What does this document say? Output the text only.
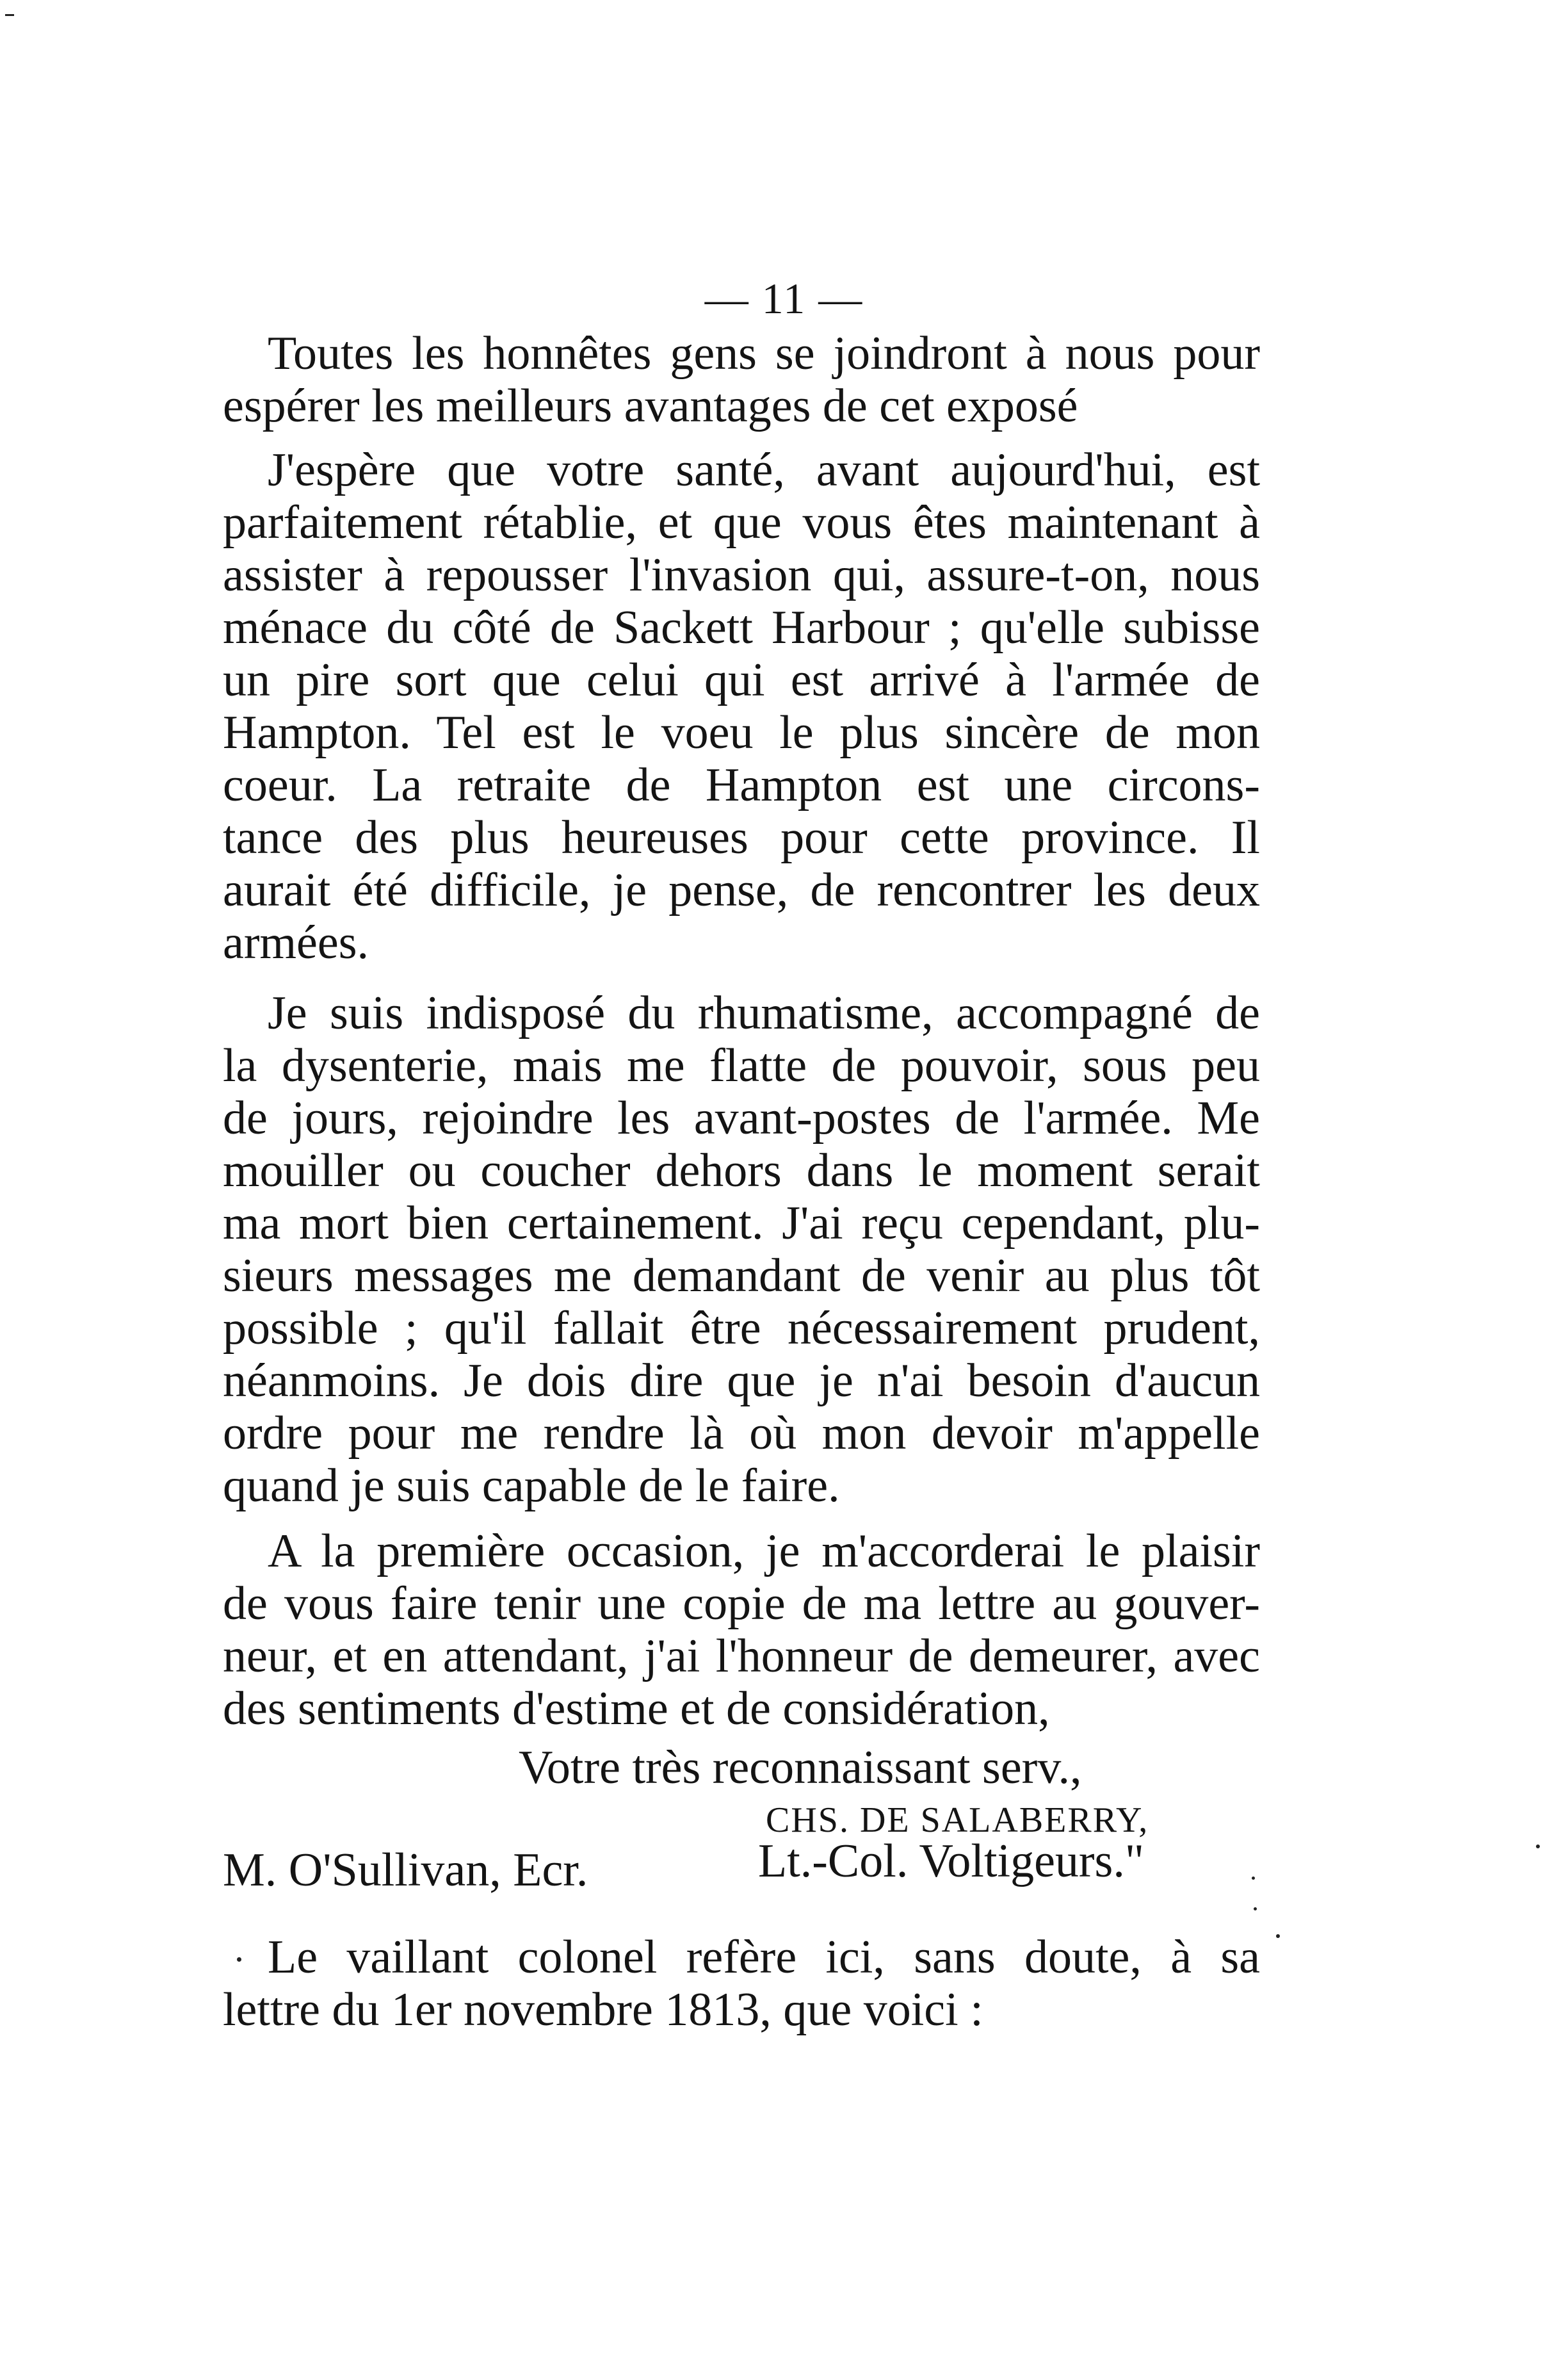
— 11 —
Toutes les honnêtes gens se joindront à nous pour
espérer les meilleurs avantages de cet exposé
J'espère que votre santé, avant aujourd'hui, est
parfaitement rétablie, et que vous êtes maintenant à
assister à repousser l'invasion qui, assure-t-on, nous
ménace du côté de Sackett Harbour ; qu'elle subisse
un pire sort que celui qui est arrivé à l'armée de
Hampton. Tel est le voeu le plus sincère de mon
coeur. La retraite de Hampton est une circons-
tance des plus heureuses pour cette province. Il
aurait été difficile, je pense, de rencontrer les deux
armées.
Je suis indisposé du rhumatisme, accompagné de
la dysenterie, mais me flatte de pouvoir, sous peu
de jours, rejoindre les avant-postes de l'armée. Me
mouiller ou coucher dehors dans le moment serait
ma mort bien certainement. J'ai reçu cependant, plu-
sieurs messages me demandant de venir au plus tôt
possible ; qu'il fallait être nécessairement prudent,
néanmoins. Je dois dire que je n'ai besoin d'aucun
ordre pour me rendre là où mon devoir m'appelle
quand je suis capable de le faire.
A la première occasion, je m'accorderai le plaisir
de vous faire tenir une copie de ma lettre au gouver-
neur, et en attendant, j'ai l'honneur de demeurer, avec
des sentiments d'estime et de considération,
Votre très reconnaissant serv.,
CHS. DE SALABERRY,
M. O'Sullivan, Ecr.	Lt.-Col. Voltigeurs."
Le vaillant colonel refère ici, sans doute, à sa
lettre du 1er novembre 1813, que voici :
